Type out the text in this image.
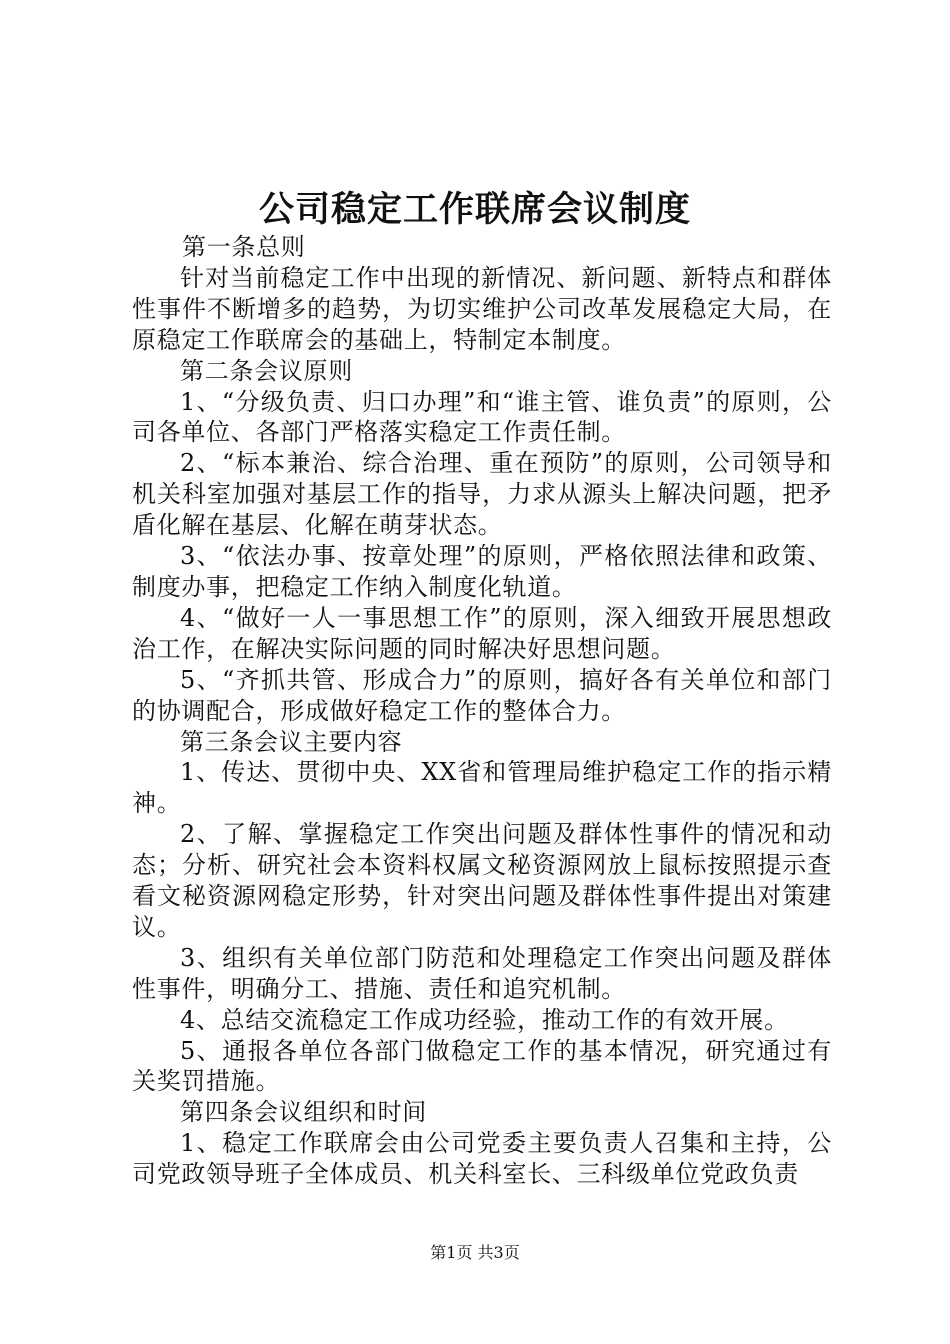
公司稳定工作联席会议制度

第一条总则

针对当前稳定工作中出现的新情况、新问题、新特点和群体性事件不断增多的趋势，为切实维护公司改革发展稳定大局，在原稳定工作联席会的基础上，特制定本制度。

第二条会议原则

1、“分级负责、归口办理”和“谁主管、谁负责”的原则，公司各单位、各部门严格落实稳定工作责任制。

2、“标本兼治、综合治理、重在预防”的原则，公司领导和机关科室加强对基层工作的指导，力求从源头上解决问题，把矛盾化解在基层、化解在萌芽状态。

3、“依法办事、按章处理”的原则，严格依照法律和政策、制度办事，把稳定工作纳入制度化轨道。

4、“做好一人一事思想工作”的原则，深入细致开展思想政治工作，在解决实际问题的同时解决好思想问题。

5、“齐抓共管、形成合力”的原则，搞好各有关单位和部门的协调配合，形成做好稳定工作的整体合力。

第三条会议主要内容

1、传达、贯彻中央、XX省和管理局维护稳定工作的指示精神。

2、了解、掌握稳定工作突出问题及群体性事件的情况和动态；分析、研究社会本资料权属文秘资源网放上鼠标按照提示查看文秘资源网稳定形势，针对突出问题及群体性事件提出对策建议。

3、组织有关单位部门防范和处理稳定工作突出问题及群体性事件，明确分工、措施、责任和追究机制。

4、总结交流稳定工作成功经验，推动工作的有效开展。

5、通报各单位各部门做稳定工作的基本情况，研究通过有关奖罚措施。

第四条会议组织和时间

1、稳定工作联席会由公司党委主要负责人召集和主持，公司党政领导班子全体成员、机关科室长、三科级单位党政负责

第1页 共3页
